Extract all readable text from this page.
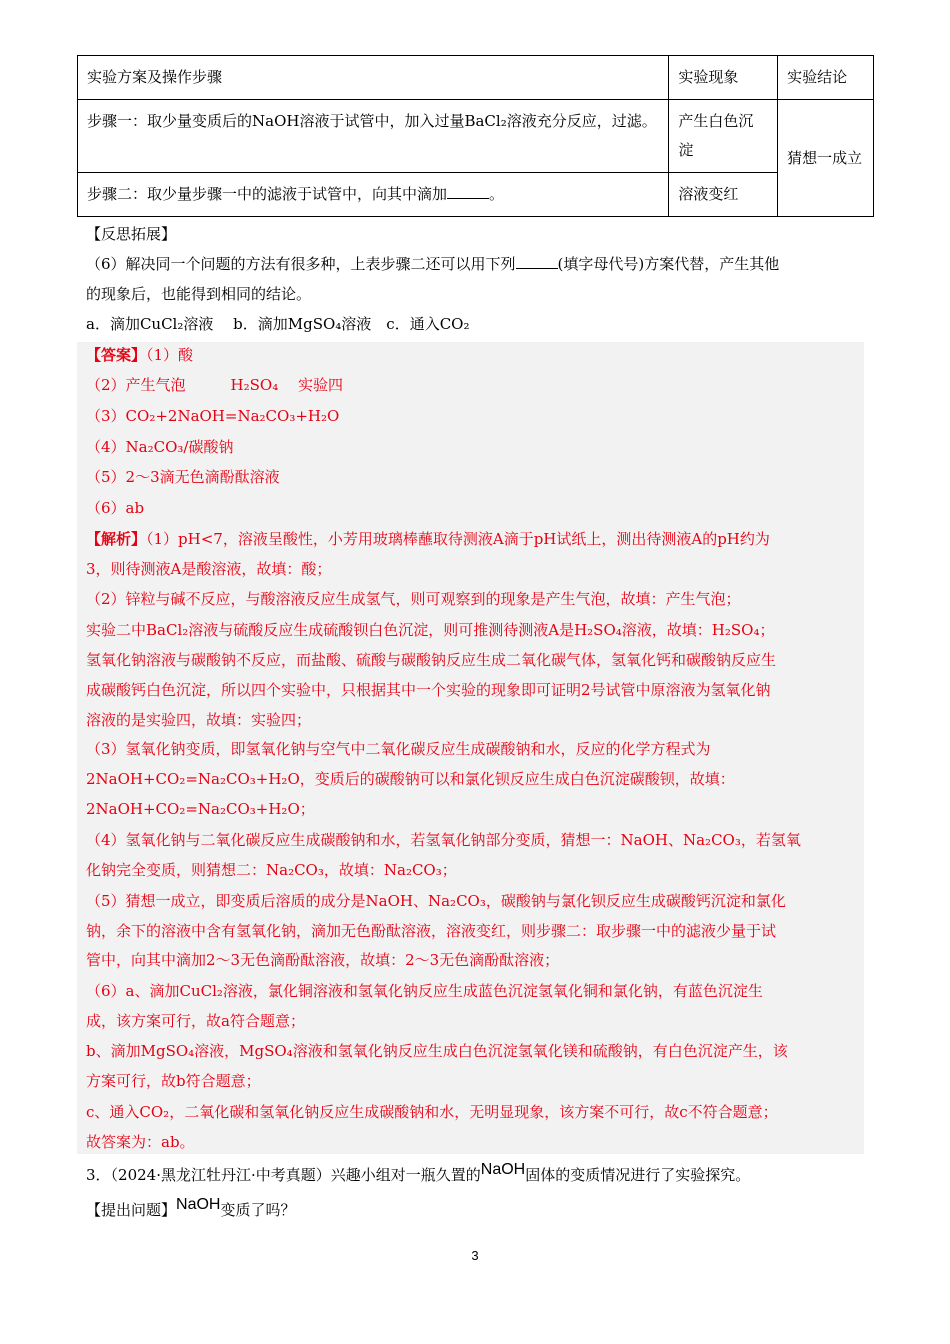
实验方案及操作步骤	实验现象	实验结论
步骤一：取少量变质后的NaOH溶液于试管中，加入过量BaCl₂溶液充分反应，过滤。	产生白色沉淀	猜想一成立
步骤二：取少量步骤一中的滤液于试管中，向其中滴加 。	溶液变红	
【反思拓展】
（6）解决同一个问题的方法有很多种，上表步骤二还可以用下列	(填字母代号)方案代替，产生其他
的现象后，也能得到相同的结论。
a．滴加CuCl₂溶液　 b．滴加MgSO₄溶液　c．通入CO₂
【答案】（1）酸
（2）产生气泡　　　H₂SO₄　 实验四
（3）CO₂+2NaOH=Na₂CO₃+H₂O
（4）Na₂CO₃/碳酸钠
（5）2～3滴无色滴酚酞溶液
（6）ab
【解析】（1）pH<7，溶液呈酸性，小芳用玻璃棒蘸取待测液A滴于pH试纸上，测出待测液A的pH约为
3，则待测液A是酸溶液，故填：酸；
（2）锌粒与碱不反应，与酸溶液反应生成氢气，则可观察到的现象是产生气泡，故填：产生气泡；
实验二中BaCl₂溶液与硫酸反应生成硫酸钡白色沉淀，则可推测待测液A是H₂SO₄溶液，故填：H₂SO₄；
氢氧化钠溶液与碳酸钠不反应，而盐酸、硫酸与碳酸钠反应生成二氧化碳气体，氢氧化钙和碳酸钠反应生
成碳酸钙白色沉淀，所以四个实验中，只根据其中一个实验的现象即可证明2号试管中原溶液为氢氧化钠
溶液的是实验四，故填：实验四；
（3）氢氧化钠变质，即氢氧化钠与空气中二氧化碳反应生成碳酸钠和水，反应的化学方程式为
2NaOH+CO₂=Na₂CO₃+H₂O，变质后的碳酸钠可以和氯化钡反应生成白色沉淀碳酸钡，故填：
2NaOH+CO₂=Na₂CO₃+H₂O；
（4）氢氧化钠与二氧化碳反应生成碳酸钠和水，若氢氧化钠部分变质，猜想一：NaOH、Na₂CO₃，若氢氧
化钠完全变质，则猜想二：Na₂CO₃，故填：Na₂CO₃；
（5）猜想一成立，即变质后溶质的成分是NaOH、Na₂CO₃，碳酸钠与氯化钡反应生成碳酸钙沉淀和氯化
钠，余下的溶液中含有氢氧化钠，滴加无色酚酞溶液，溶液变红，则步骤二：取步骤一中的滤液少量于试
管中，向其中滴加2～3无色滴酚酞溶液，故填：2～3无色滴酚酞溶液；
（6）a、滴加CuCl₂溶液，氯化铜溶液和氢氧化钠反应生成蓝色沉淀氢氧化铜和氯化钠，有蓝色沉淀生
成，该方案可行，故a符合题意；
b、滴加MgSO₄溶液，MgSO₄溶液和氢氧化钠反应生成白色沉淀氢氧化镁和硫酸钠，有白色沉淀产生，该
方案可行，故b符合题意；
c、通入CO₂，二氧化碳和氢氧化钠反应生成碳酸钠和水，无明显现象，该方案不可行，故c不符合题意；
故答案为：ab。
3．（2024·黑龙江牡丹江·中考真题）兴趣小组对一瓶久置的NaOH固体的变质情况进行了实验探究。
【提出问题】NaOH变质了吗？
3
